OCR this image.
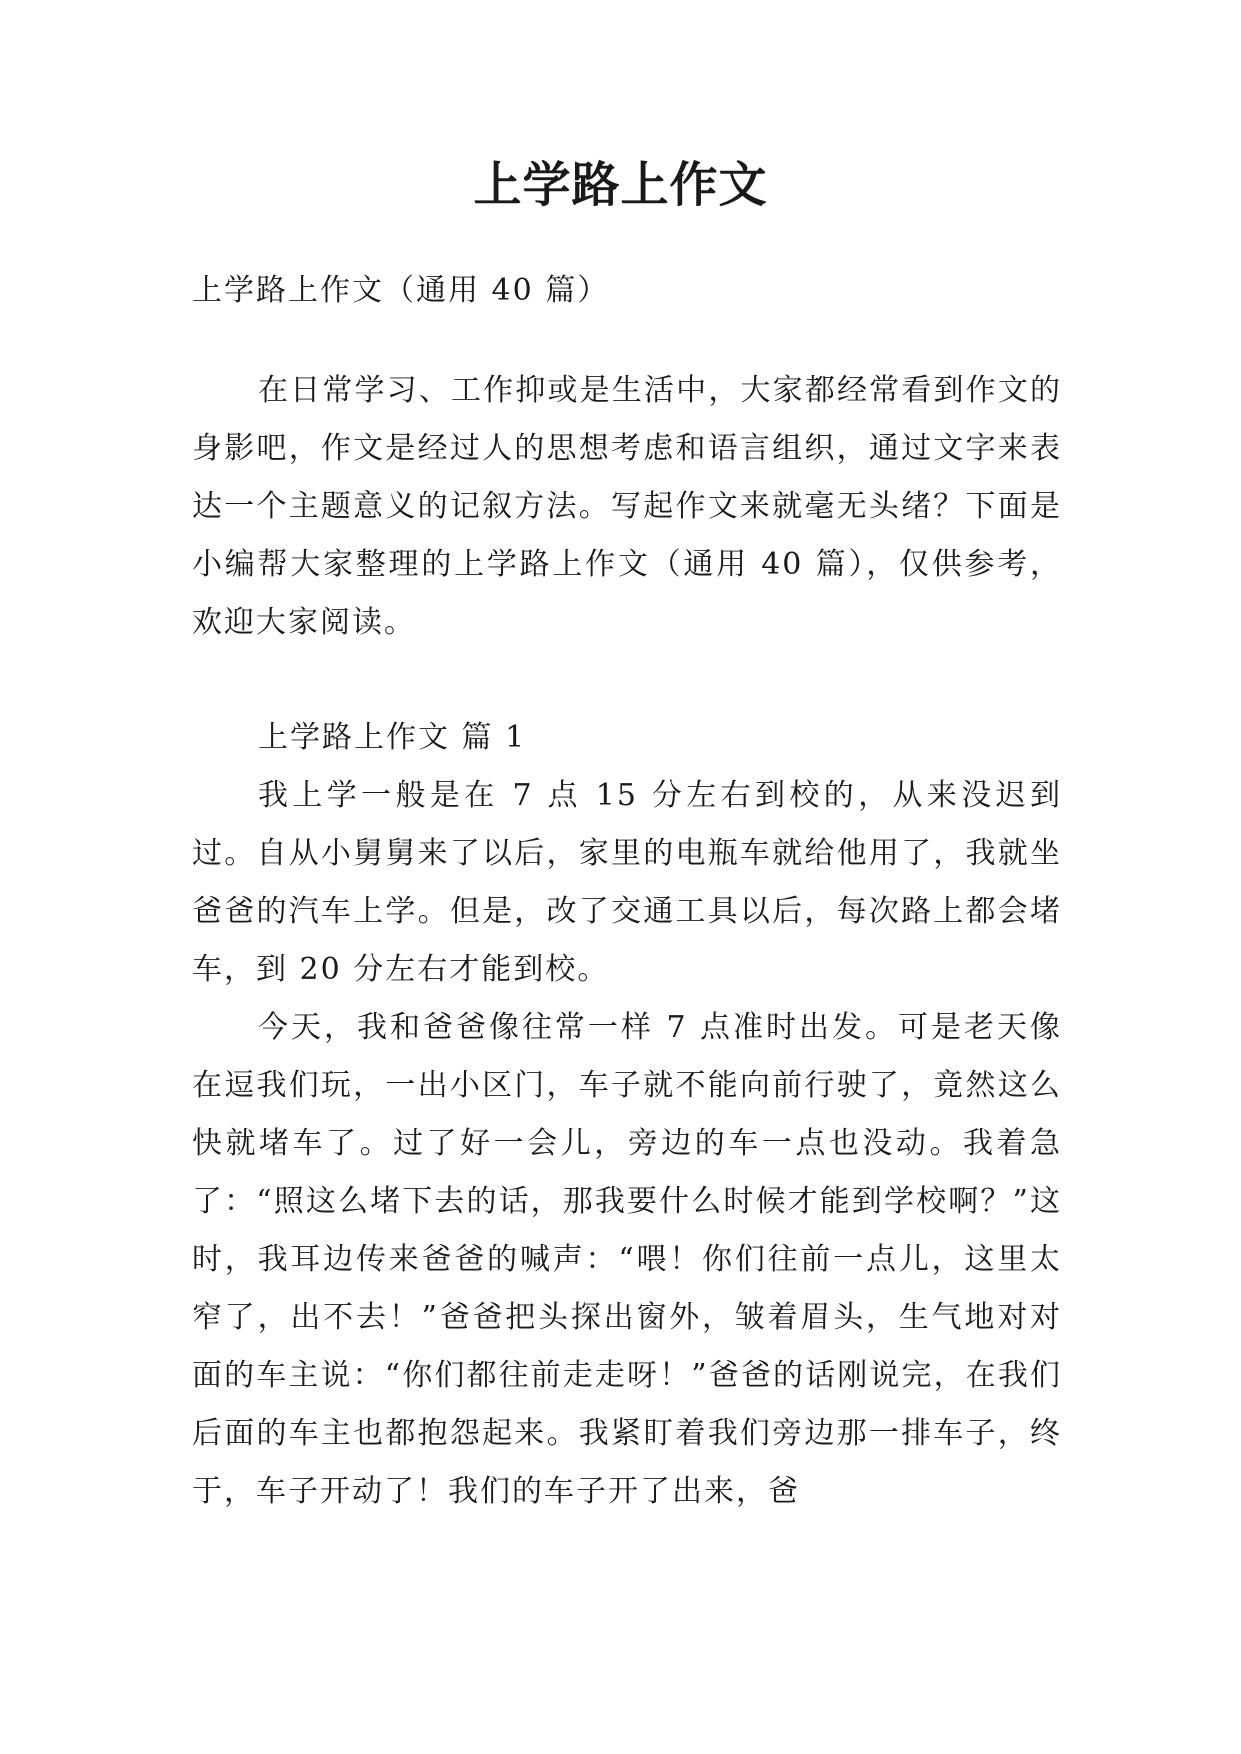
上学路上作文

上学路上作文（通用 40 篇）

在日常学习、工作抑或是生活中，大家都经常看到作文的身影吧，作文是经过人的思想考虑和语言组织，通过文字来表达一个主题意义的记叙方法。写起作文来就毫无头绪？下面是小编帮大家整理的上学路上作文（通用 40 篇），仅供参考，欢迎大家阅读。

上学路上作文 篇 1

我上学一般是在 7 点 15 分左右到校的，从来没迟到过。自从小舅舅来了以后，家里的电瓶车就给他用了，我就坐爸爸的汽车上学。但是，改了交通工具以后，每次路上都会堵车，到 20 分左右才能到校。

今天，我和爸爸像往常一样 7 点准时出发。可是老天像在逗我们玩，一出小区门，车子就不能向前行驶了，竟然这么快就堵车了。过了好一会儿，旁边的车一点也没动。我着急了：“照这么堵下去的话，那我要什么时候才能到学校啊？”这时，我耳边传来爸爸的喊声：“喂！你们往前一点儿，这里太窄了，出不去！”爸爸把头探出窗外，皱着眉头，生气地对对面的车主说：“你们都往前走走呀！”爸爸的话刚说完，在我们后面的车主也都抱怨起来。我紧盯着我们旁边那一排车子，终于，车子开动了！我们的车子开了出来，爸
